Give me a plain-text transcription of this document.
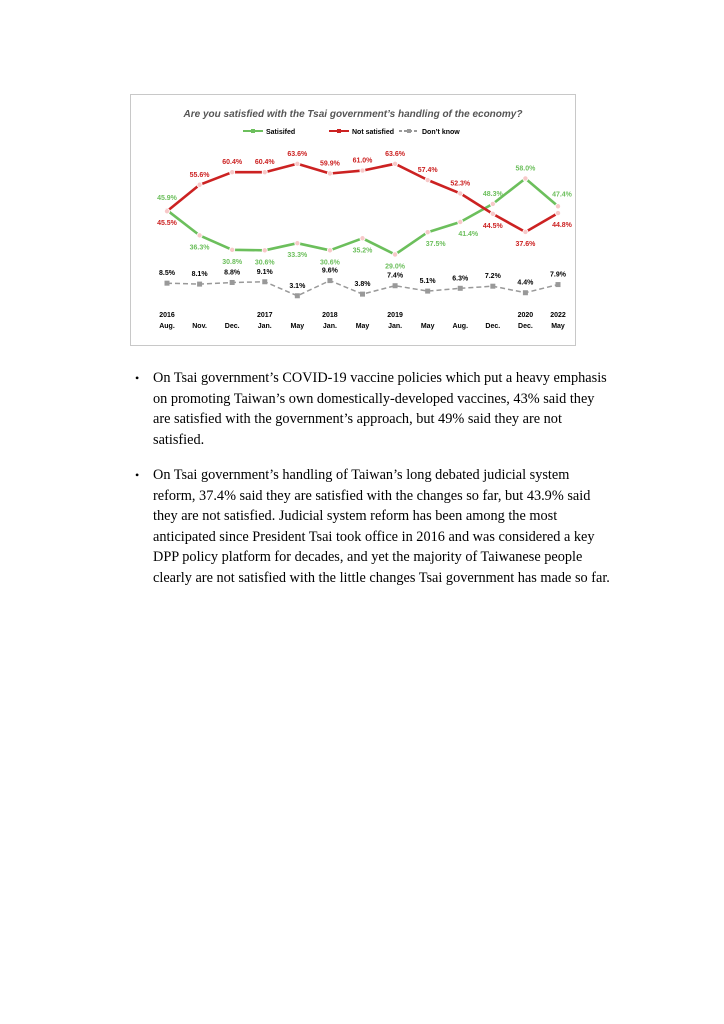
Are you satisfied with the Tsai government’s handling of the economy?
Satisifed	Not satisfied	Don’t know
45.9%
36.3%
30.8% 30.6%
33.3%
30.6%
35.2%
29.0%
37.5%
41.4%
48.3%
58.0%
47.4%
45.5%
55.6%
60.4% 60.4%
63.6%
59.9% 61.0%
63.6%
57.4%
52.3%
44.5%
37.6%
44.8%
8.5% 8.1% 8.8% 9.1%
3.1%
9.6%
3.8%
7.4%
5.1% 6.3% 7.2%
4.4%
7.9%
2016
Aug. Nov.	Dec.
2017
Jan.	May
2018
Jan.	May
2019
Jan.	May	Aug. Dec.
2020
Dec.
2022
May
• On Tsai government’s COVID-19 vaccine policies which put a heavy emphasis on promoting Taiwan’s own domestically-developed vaccines, 43% said they are satisfied with the government’s approach, but 49% said they are not satisfied.
• On Tsai government’s handling of Taiwan’s long debated judicial system reform, 37.4% said they are satisfied with the changes so far, but 43.9% said they are not satisfied. Judicial system reform has been among the most anticipated since President Tsai took office in 2016 and was considered a key DPP policy platform for decades, and yet the majority of Taiwanese people clearly are not satisfied with the little changes Tsai government has made so far.
